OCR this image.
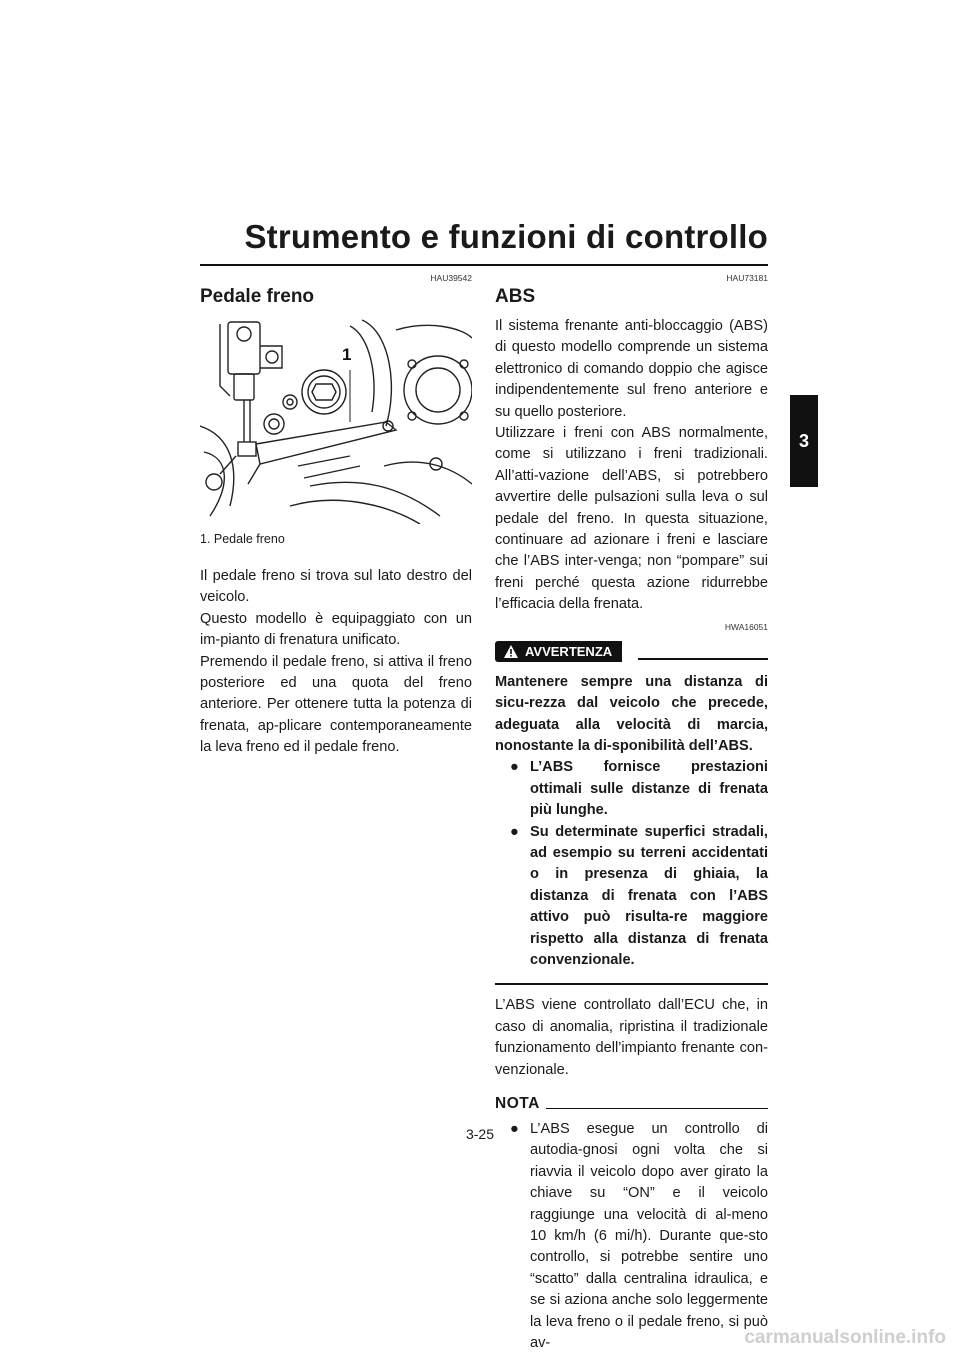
Strumento e funzioni di controllo
3
HAU39542
Pedale freno
1
1. Pedale freno

Il pedale freno si trova sul lato destro del veicolo.

Questo modello è equipaggiato con un im-pianto di frenatura unificato.

Premendo il pedale freno, si attiva il freno posteriore ed una quota del freno anteriore. Per ottenere tutta la potenza di frenata, ap-plicare contemporaneamente la leva freno ed il pedale freno.

HAU73181
ABS

Il sistema frenante anti-bloccaggio (ABS) di questo modello comprende un sistema elettronico di comando doppio che agisce indipendentemente sul freno anteriore e su quello posteriore.

Utilizzare i freni con ABS normalmente, come si utilizzano i freni tradizionali. All’atti-vazione dell’ABS, si potrebbero avvertire delle pulsazioni sulla leva o sul pedale del freno. In questa situazione, continuare ad azionare i freni e lasciare che l’ABS inter-venga; non “pompare” sui freni perché questa azione ridurrebbe l’efficacia della frenata.

HWA16051
AVVERTENZA

Mantenere sempre una distanza di sicu-rezza dal veicolo che precede, adeguata alla velocità di marcia, nonostante la di-sponibilità dell’ABS.

● L’ABS fornisce prestazioni ottimali sulle distanze di frenata più lunghe.
● Su determinate superfici stradali, ad esempio su terreni accidentati o in presenza di ghiaia, la distanza di frenata con l’ABS attivo può risulta-re maggiore rispetto alla distanza di frenata convenzionale.

L’ABS viene controllato dall’ECU che, in caso di anomalia, ripristina il tradizionale funzionamento dell’impianto frenante con-venzionale.

NOTA
● L’ABS esegue un controllo di autodia-gnosi ogni volta che si riavvia il veicolo dopo aver girato la chiave su “ON” e il veicolo raggiunge una velocità di al-meno 10 km/h (6 mi/h). Durante que-sto controllo, si potrebbe sentire uno “scatto” dalla centralina idraulica, e se si aziona anche solo leggermente la leva freno o il pedale freno, si può av-
3-25
carmanualsonline.info
